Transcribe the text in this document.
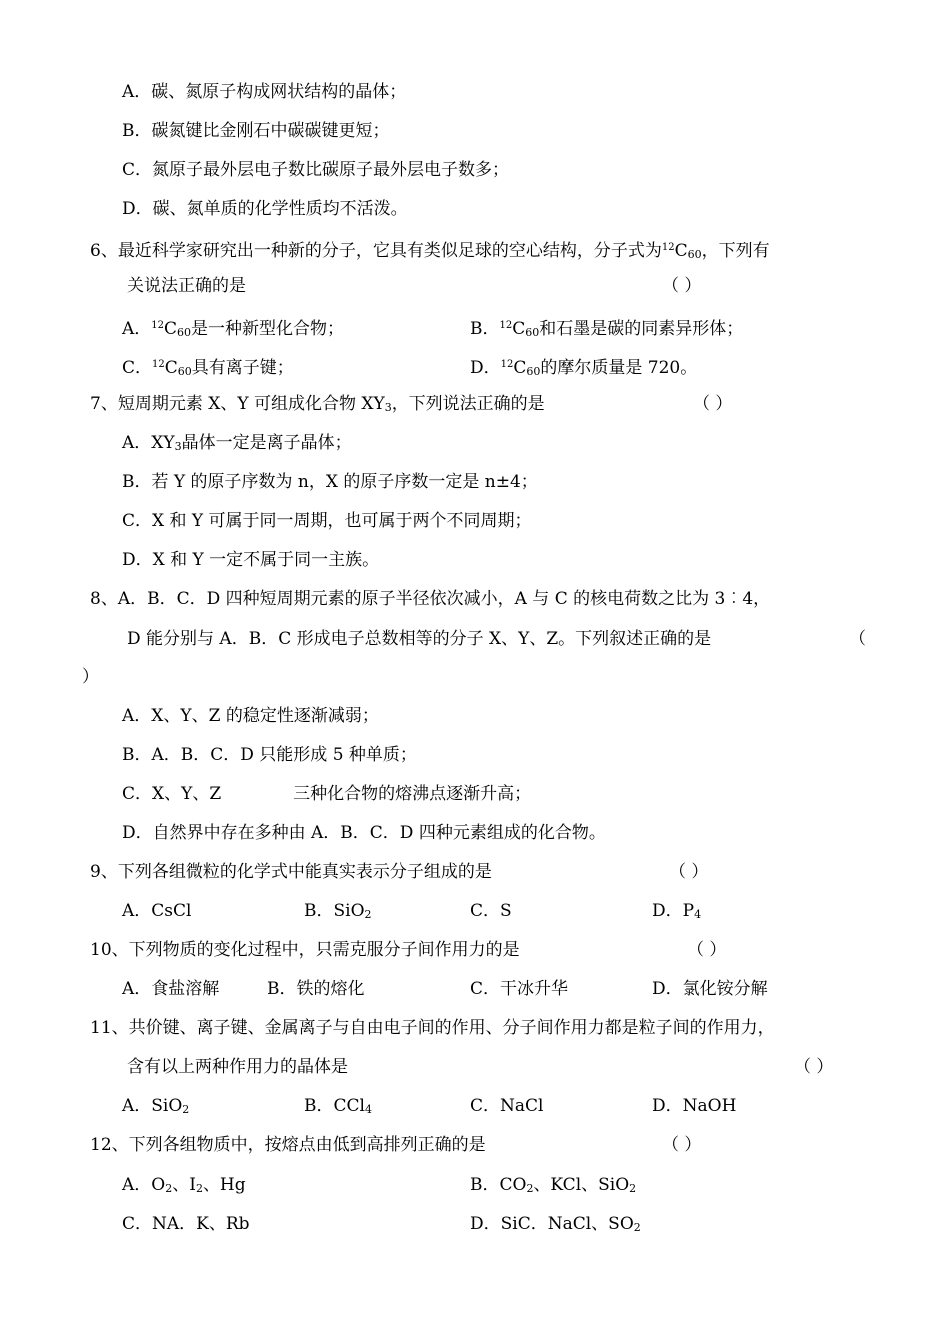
A．碳、氮原子构成网状结构的晶体；
B．碳氮键比金刚石中碳碳键更短；
C．氮原子最外层电子数比碳原子最外层电子数多；
D．碳、氮单质的化学性质均不活泼。
6、最近科学家研究出一种新的分子，它具有类似足球的空心结构，分子式为$^{12}C_{60}$，下列有
关说法正确的是	（ ）
A．$^{12}C_{60}$是一种新型化合物；	B．$^{12}C_{60}$和石墨是碳的同素异形体；
C．$^{12}C_{60}$具有离子键；	D．$^{12}C_{60}$的摩尔质量是 720。
7、短周期元素 X、Y 可组成化合物 $XY_3$，下列说法正确的是	（ ）
A．$XY_3$晶体一定是离子晶体；
B．若 Y 的原子序数为 n，X 的原子序数一定是 n±4；
C．X 和 Y 可属于同一周期，也可属于两个不同周期；
D．X 和 Y 一定不属于同一主族。
8、A．B．C．D 四种短周期元素的原子半径依次减小，A 与 C 的核电荷数之比为 3︰4，
D 能分别与 A．B．C 形成电子总数相等的分子 X、Y、Z。下列叙述正确的是	（
）
A．X、Y、Z 的稳定性逐渐减弱；
B．A．B．C．D 只能形成 5 种单质；
C．X、Y、Z	三种化合物的熔沸点逐渐升高；
D．自然界中存在多种由 A．B．C．D 四种元素组成的化合物。
9、下列各组微粒的化学式中能真实表示分子组成的是	（ ）
A．CsCl	B．SiO$_2$	C．S	D．$P_4$
10、下列物质的变化过程中，只需克服分子间作用力的是	（ ）
A．食盐溶解	B．铁的熔化	C．干冰升华	D．氯化铵分解
11、共价键、离子键、金属离子与自由电子间的作用、分子间作用力都是粒子间的作用力，
含有以上两种作用力的晶体是	（ ）
A．SiO$_2$	B．CCl$_4$	C．NaCl	D．NaOH
12、下列各组物质中，按熔点由低到高排列正确的是	（ ）
A．$O_2$、$I_2$、Hg	B．$CO_2$、KCl、SiO$_2$
C．NA．K、Rb	D．SiC．NaCl、$SO_2$
